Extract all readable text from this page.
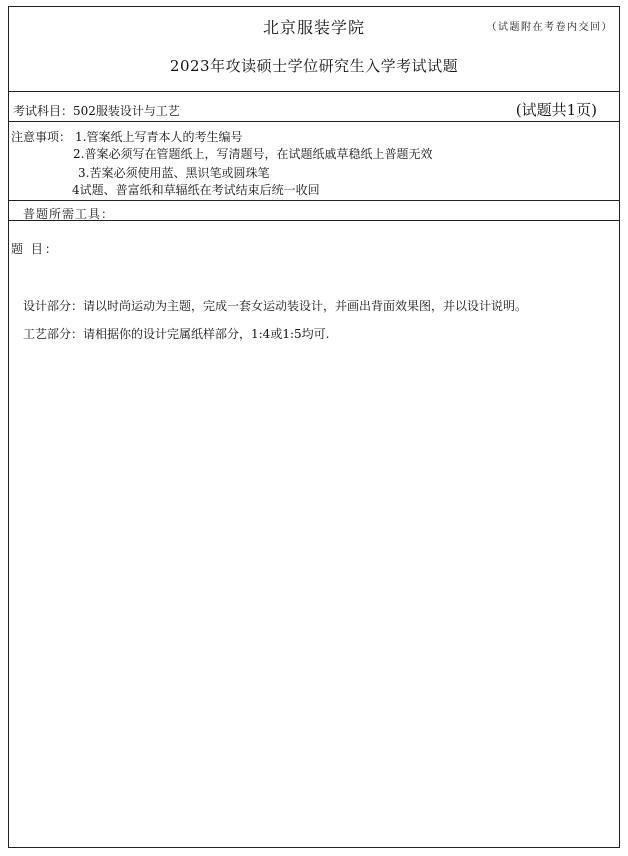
北京服装学院	（试题附在考卷内交回）
2023年攻读硕士学位研究生入学考试试题
考试科目：502服装设计与工艺	(试题共1页)
注意事项： 1.管案纸上写青本人的考生编号
2.普案必须写在管题纸上，写清题号，在试题纸戚草稳纸上普题无效
3.苦案必须使用蓝、黑识笔或圆珠笔
4试题、普富纸和草辐纸在考试结束后统一收回
普题所需工具：
题 目：
设计部分：请以时尚运动为主题，完成一套女运动装设计，并画出背面效果图，并以设计说明。
工艺部分：请相据你的设计完属纸样部分，1:4或1:5均可.
